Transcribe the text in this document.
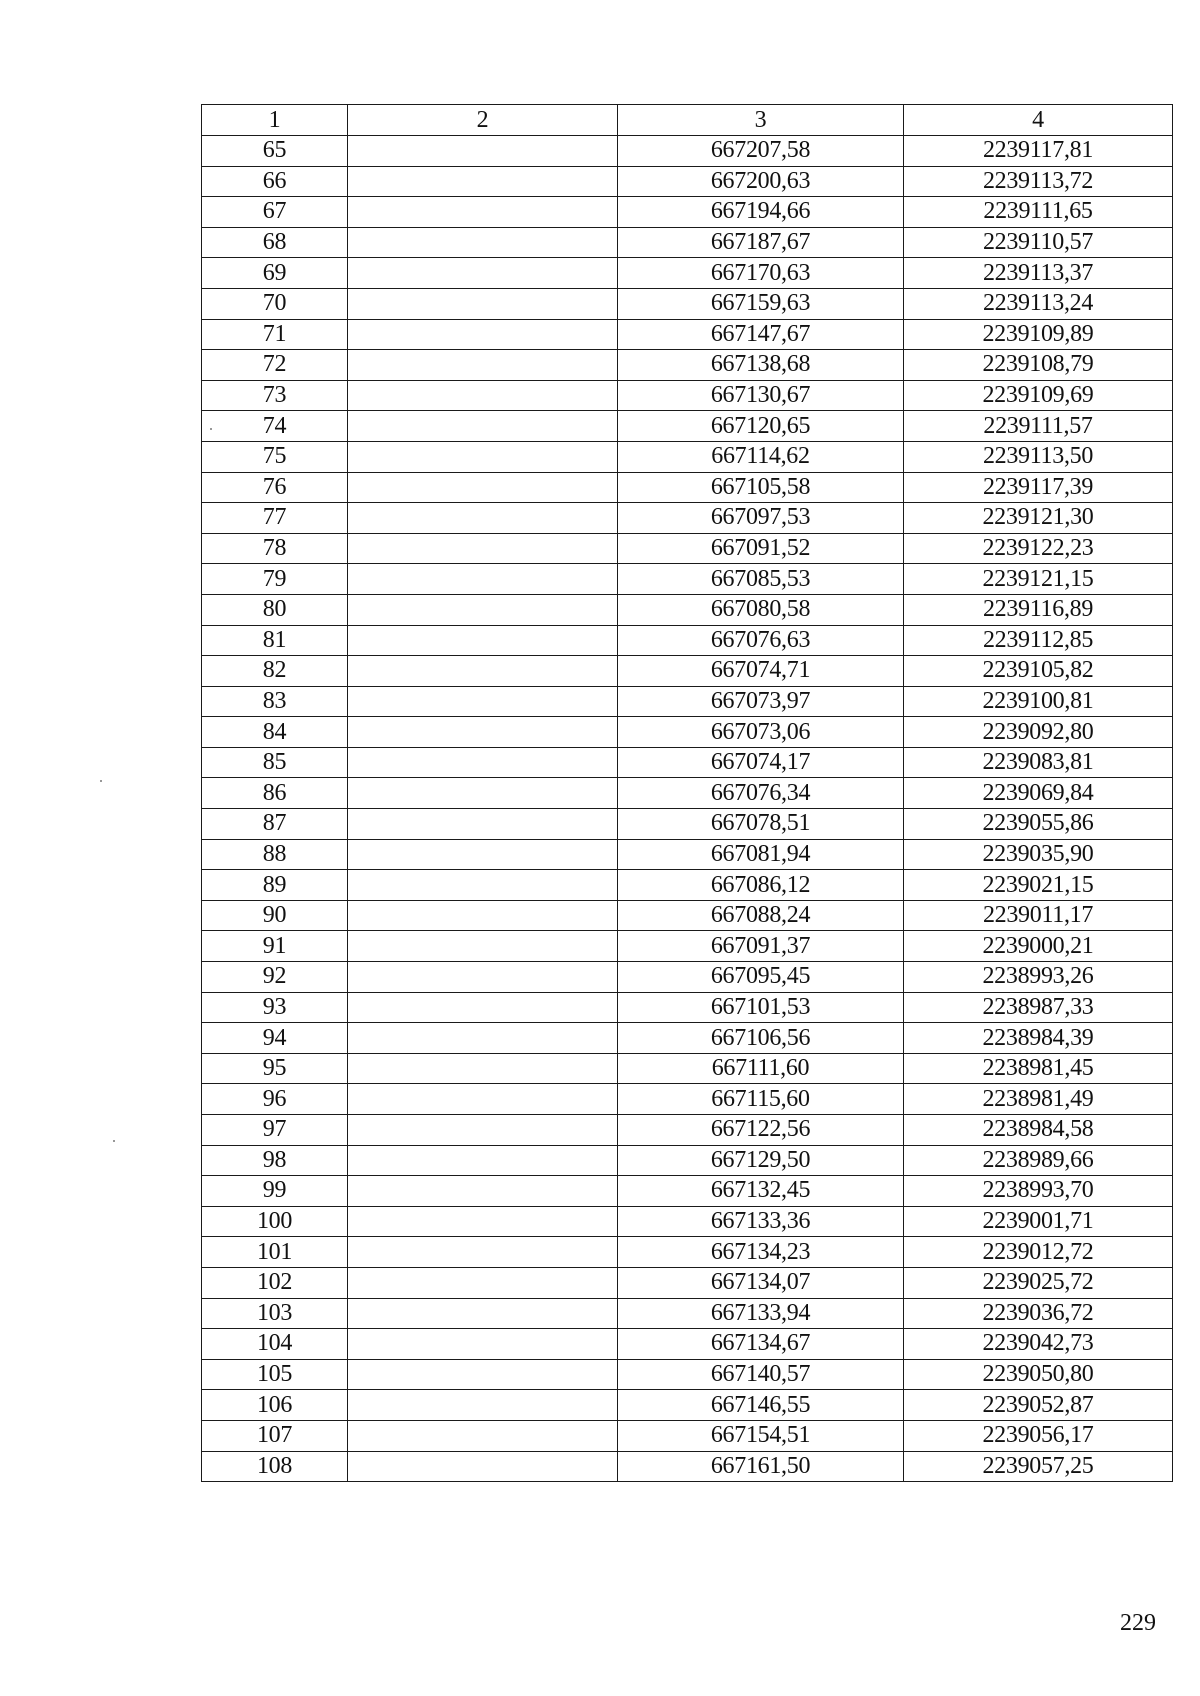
1	2	3	4
65		667207,58	2239117,81
66		667200,63	2239113,72
67		667194,66	2239111,65
68		667187,67	2239110,57
69		667170,63	2239113,37
70		667159,63	2239113,24
71		667147,67	2239109,89
72		667138,68	2239108,79
73		667130,67	2239109,69
74		667120,65	2239111,57
75		667114,62	2239113,50
76		667105,58	2239117,39
77		667097,53	2239121,30
78		667091,52	2239122,23
79		667085,53	2239121,15
80		667080,58	2239116,89
81		667076,63	2239112,85
82		667074,71	2239105,82
83		667073,97	2239100,81
84		667073,06	2239092,80
85		667074,17	2239083,81
86		667076,34	2239069,84
87		667078,51	2239055,86
88		667081,94	2239035,90
89		667086,12	2239021,15
90		667088,24	2239011,17
91		667091,37	2239000,21
92		667095,45	2238993,26
93		667101,53	2238987,33
94		667106,56	2238984,39
95		667111,60	2238981,45
96		667115,60	2238981,49
97		667122,56	2238984,58
98		667129,50	2238989,66
99		667132,45	2238993,70
100		667133,36	2239001,71
101		667134,23	2239012,72
102		667134,07	2239025,72
103		667133,94	2239036,72
104		667134,67	2239042,73
105		667140,57	2239050,80
106		667146,55	2239052,87
107		667154,51	2239056,17
108		667161,50	2239057,25
229
